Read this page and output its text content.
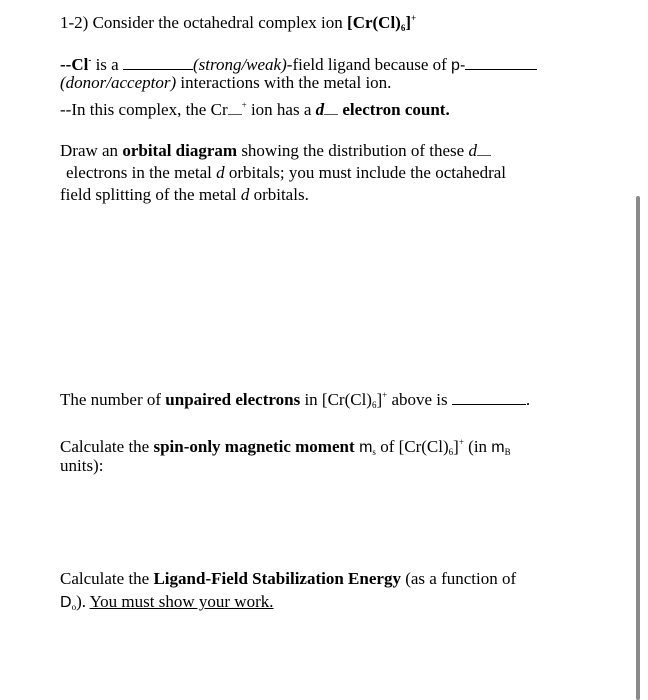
1-2) Consider the octahedral complex ion $[Cr(Cl)_6]^+$
--Cl- is a	(strong/weak)-field ligand because of p-
(donor/acceptor) interactions with the metal ion.
--In this complex, the Cr + ion has a d electron count.
Draw an orbital diagram showing the distribution of these d
electrons in the metal d orbitals; you must include the octahedral
field splitting of the metal d orbitals.
The number of unpaired electrons in $[Cr(Cl)_6]^+$ above is	.
Calculate the spin-only magnetic moment $m_s$ of $[Cr(Cl)_6]^+$ (in $m_B$
units):
Calculate the Ligand-Field Stabilization Energy (as a function of
$D_o$). You must show your work.
